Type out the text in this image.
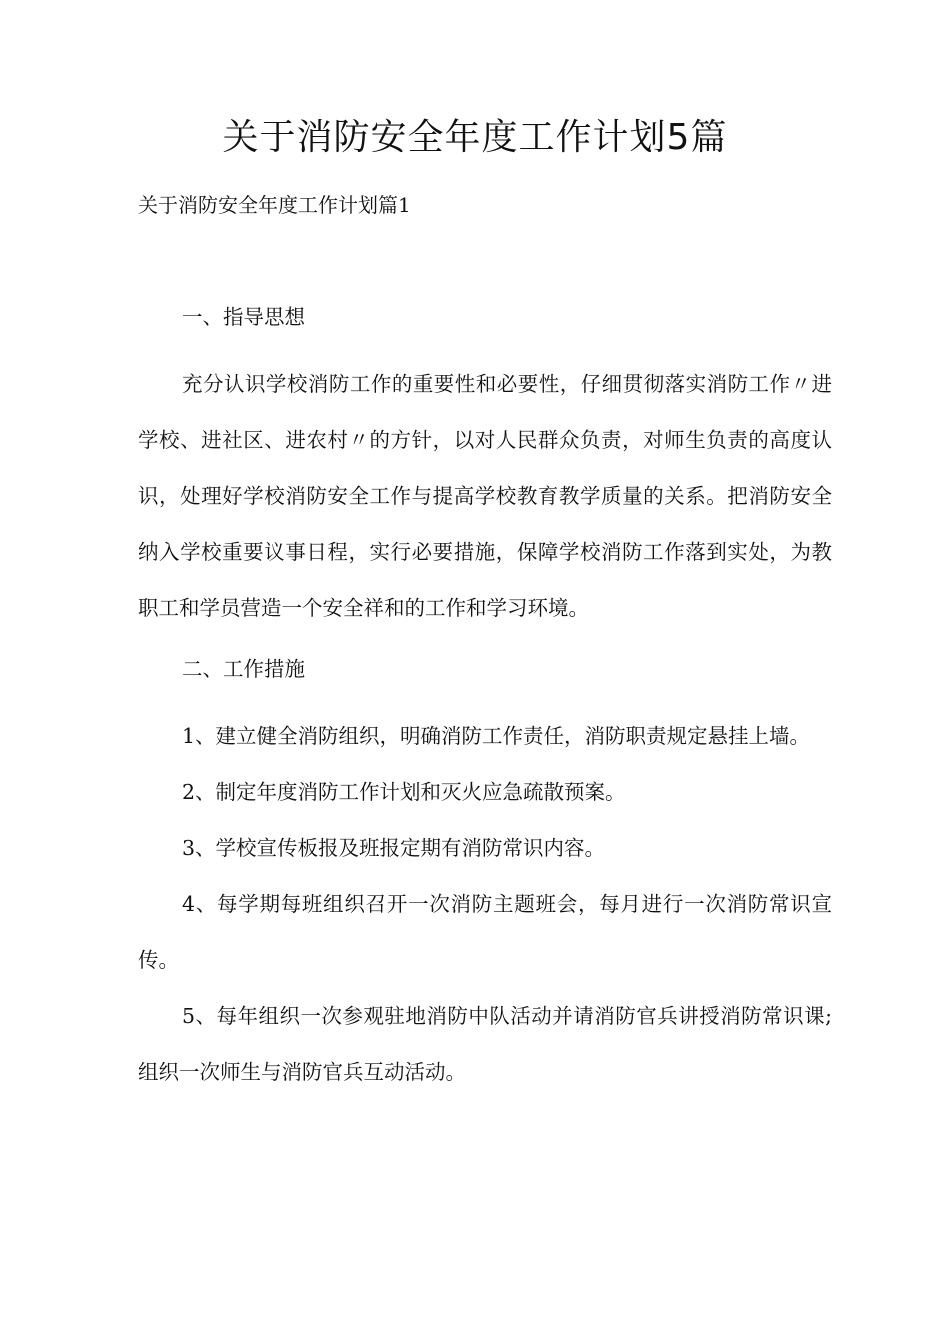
关于消防安全年度工作计划5篇
关于消防安全年度工作计划篇1

一、指导思想

充分认识学校消防工作的重要性和必要性，仔细贯彻落实消防工作〃进学校、进社区、进农村〃的方针，以对人民群众负责，对师生负责的高度认识，处理好学校消防安全工作与提高学校教育教学质量的关系。把消防安全纳入学校重要议事日程，实行必要措施，保障学校消防工作落到实处，为教职工和学员营造一个安全祥和的工作和学习环境。

二、工作措施

1、建立健全消防组织，明确消防工作责任，消防职责规定悬挂上墙。

2、制定年度消防工作计划和灭火应急疏散预案。

3、学校宣传板报及班报定期有消防常识内容。

4、每学期每班组织召开一次消防主题班会，每月进行一次消防常识宣传。

5、每年组织一次参观驻地消防中队活动并请消防官兵讲授消防常识课;组织一次师生与消防官兵互动活动。
